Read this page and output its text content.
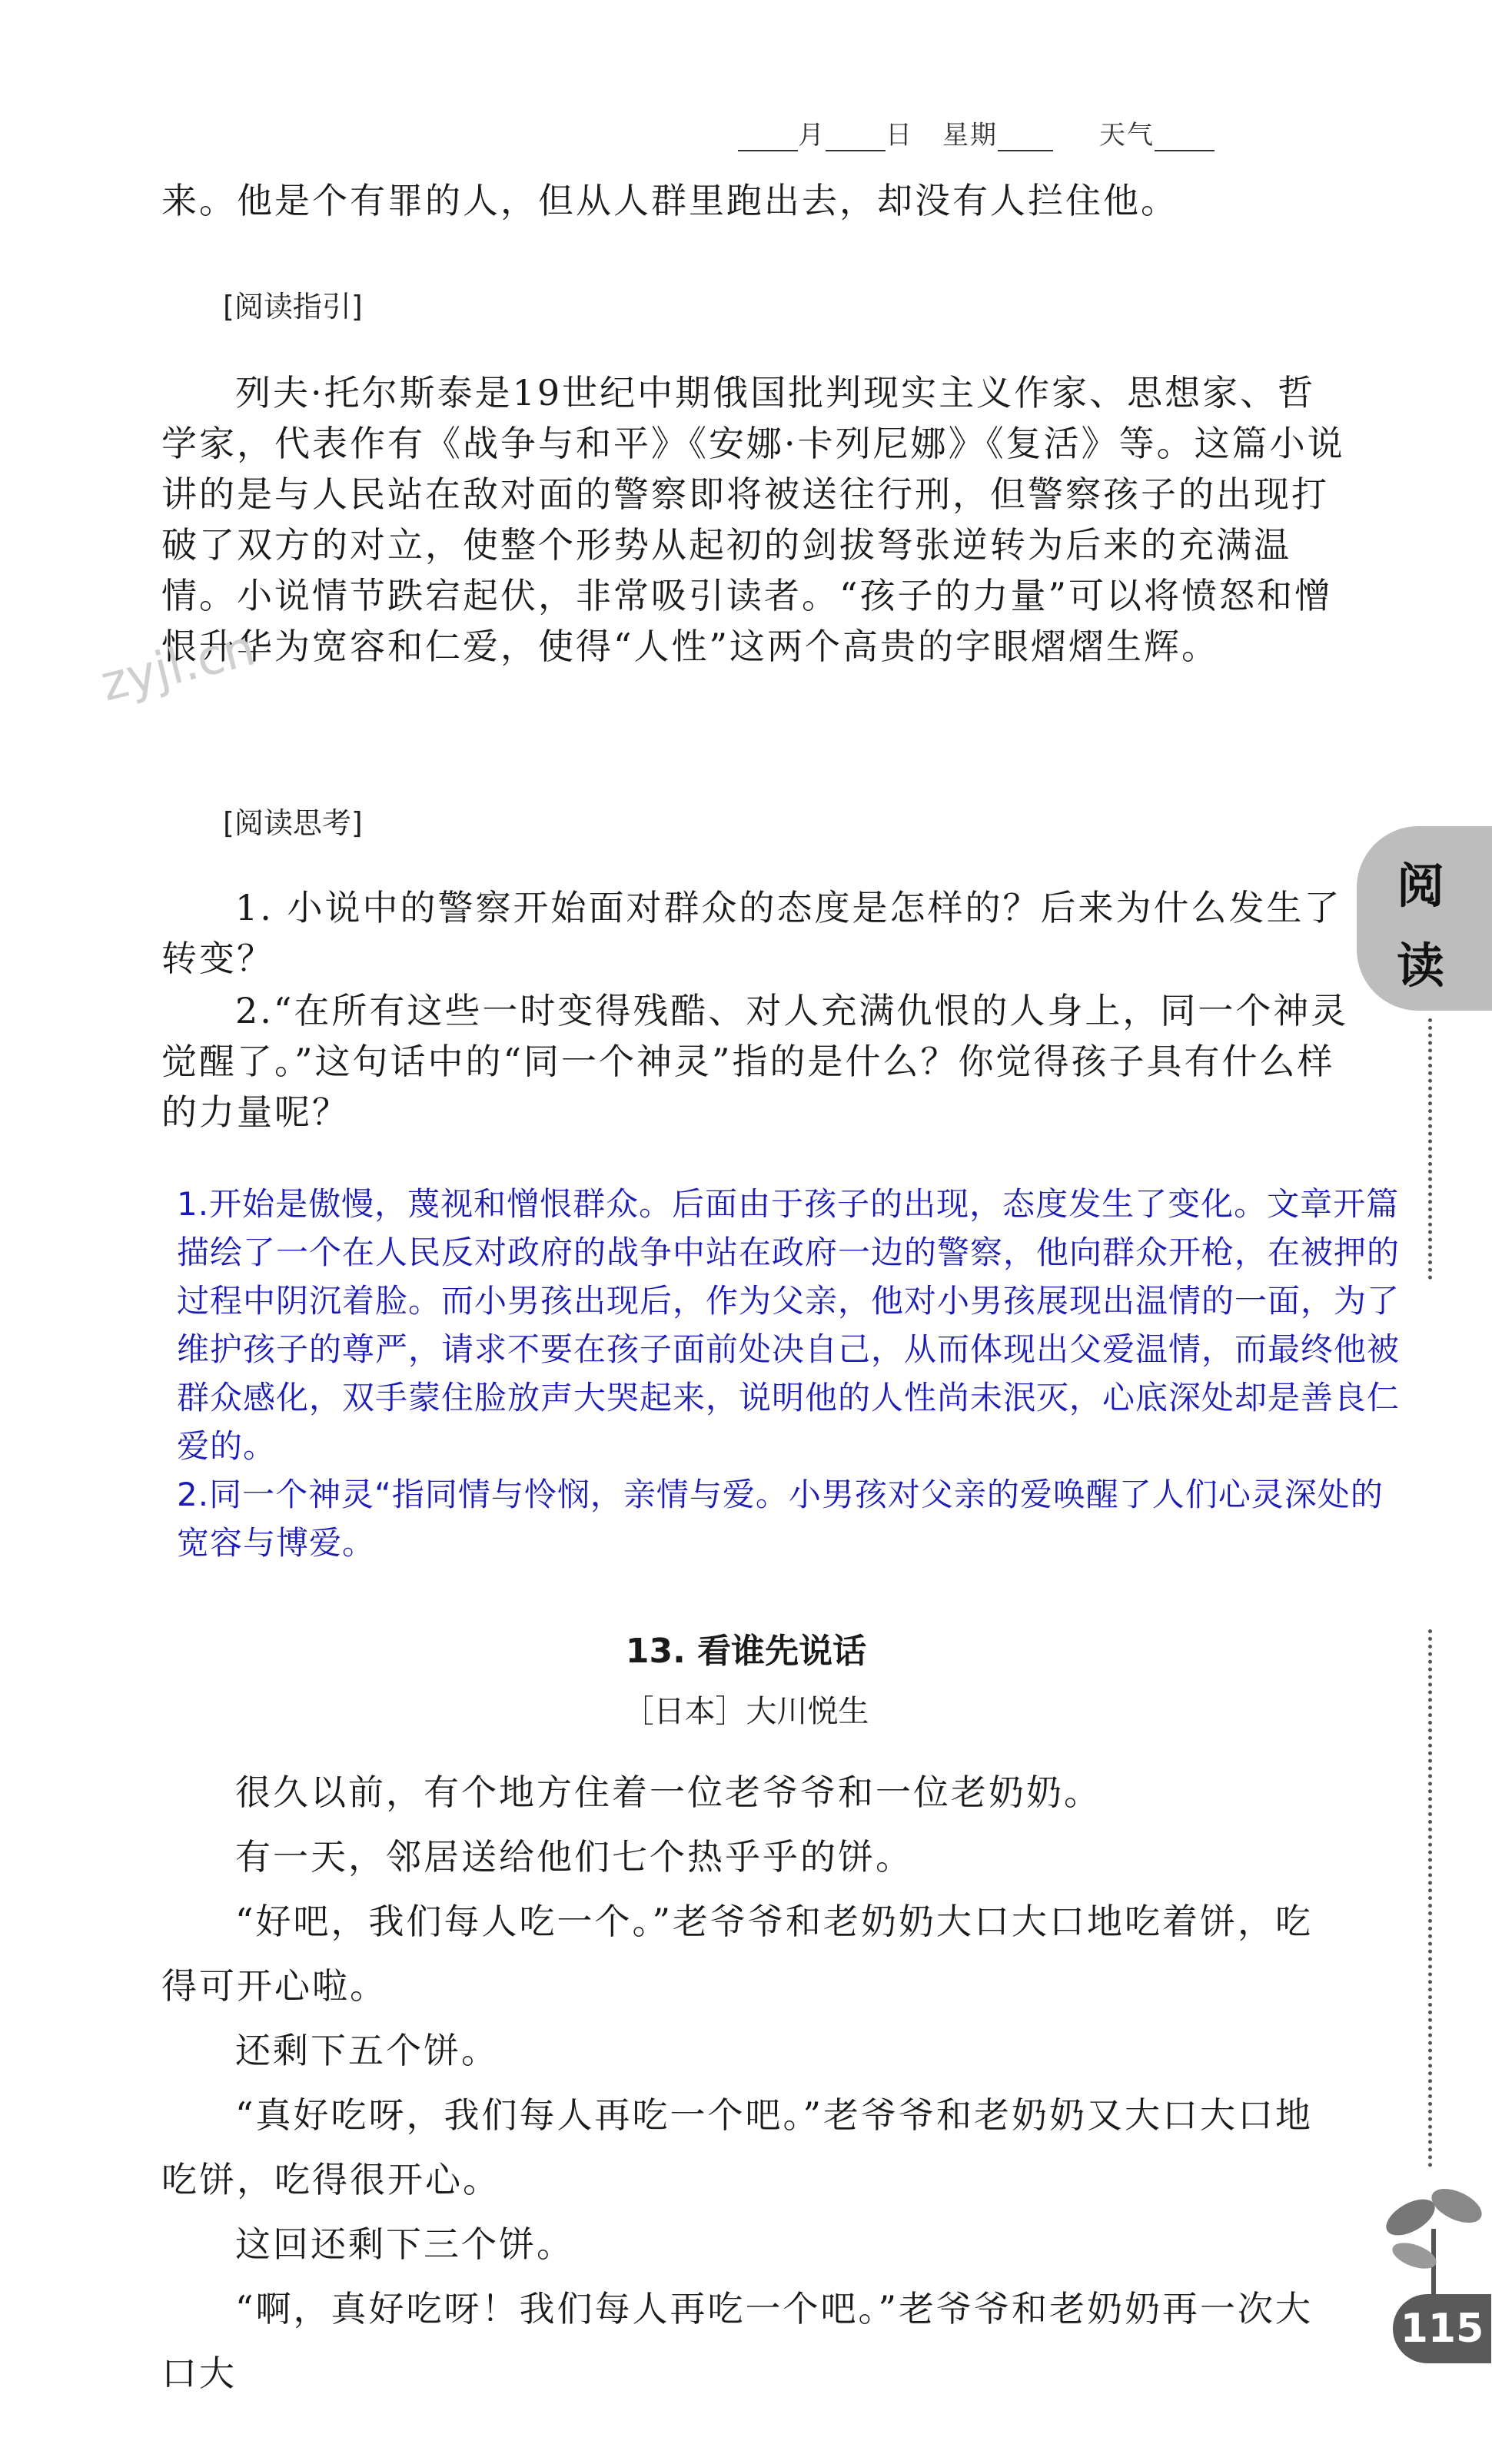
月 日 星期	天气
来。他是个有罪的人，但从人群里跑出去，却没有人拦住他。
[阅读指引]
列夫·托尔斯泰是19世纪中期俄国批判现实主义作家、思想家、哲学家，代表作有《战争与和平》《安娜·卡列尼娜》《复活》等。这篇小说讲的是与人民站在敌对面的警察即将被送往行刑，但警察孩子的出现打破了双方的对立，使整个形势从起初的剑拔弩张逆转为后来的充满温情。小说情节跌宕起伏，非常吸引读者。“孩子的力量”可以将愤怒和憎恨升华为宽容和仁爱，使得“人性”这两个高贵的字眼熠熠生辉。
zyjl.cn
[阅读思考]
1. 小说中的警察开始面对群众的态度是怎样的？后来为什么发生了转变？
2.“在所有这些一时变得残酷、对人充满仇恨的人身上，同一个神灵觉醒了。”这句话中的“同一个神灵”指的是什么？你觉得孩子具有什么样的力量呢？

1.开始是傲慢，蔑视和憎恨群众。后面由于孩子的出现，态度发生了变化。文章开篇描绘了一个在人民反对政府的战争中站在政府一边的警察，他向群众开枪，在被押的过程中阴沉着脸。而小男孩出现后，作为父亲，他对小男孩展现出温情的一面，为了维护孩子的尊严，请求不要在孩子面前处决自己，从而体现出父爱温情，而最终他被群众感化，双手蒙住脸放声大哭起来，说明他的人性尚未泯灭，心底深处却是善良仁爱的。

2.同一个神灵“指同情与怜悯，亲情与爱。小男孩对父亲的爱唤醒了人们心灵深处的宽容与博爱。

13. 看谁先说话
［日本］大川悦生

很久以前，有个地方住着一位老爷爷和一位老奶奶。

有一天，邻居送给他们七个热乎乎的饼。

“好吧，我们每人吃一个。”老爷爷和老奶奶大口大口地吃着饼，吃得可开心啦。

还剩下五个饼。

“真好吃呀，我们每人再吃一个吧。”老爷爷和老奶奶又大口大口地吃饼，吃得很开心。

这回还剩下三个饼。

“啊，真好吃呀！我们每人再吃一个吧。”老爷爷和老奶奶再一次大口大

阅
读
115
